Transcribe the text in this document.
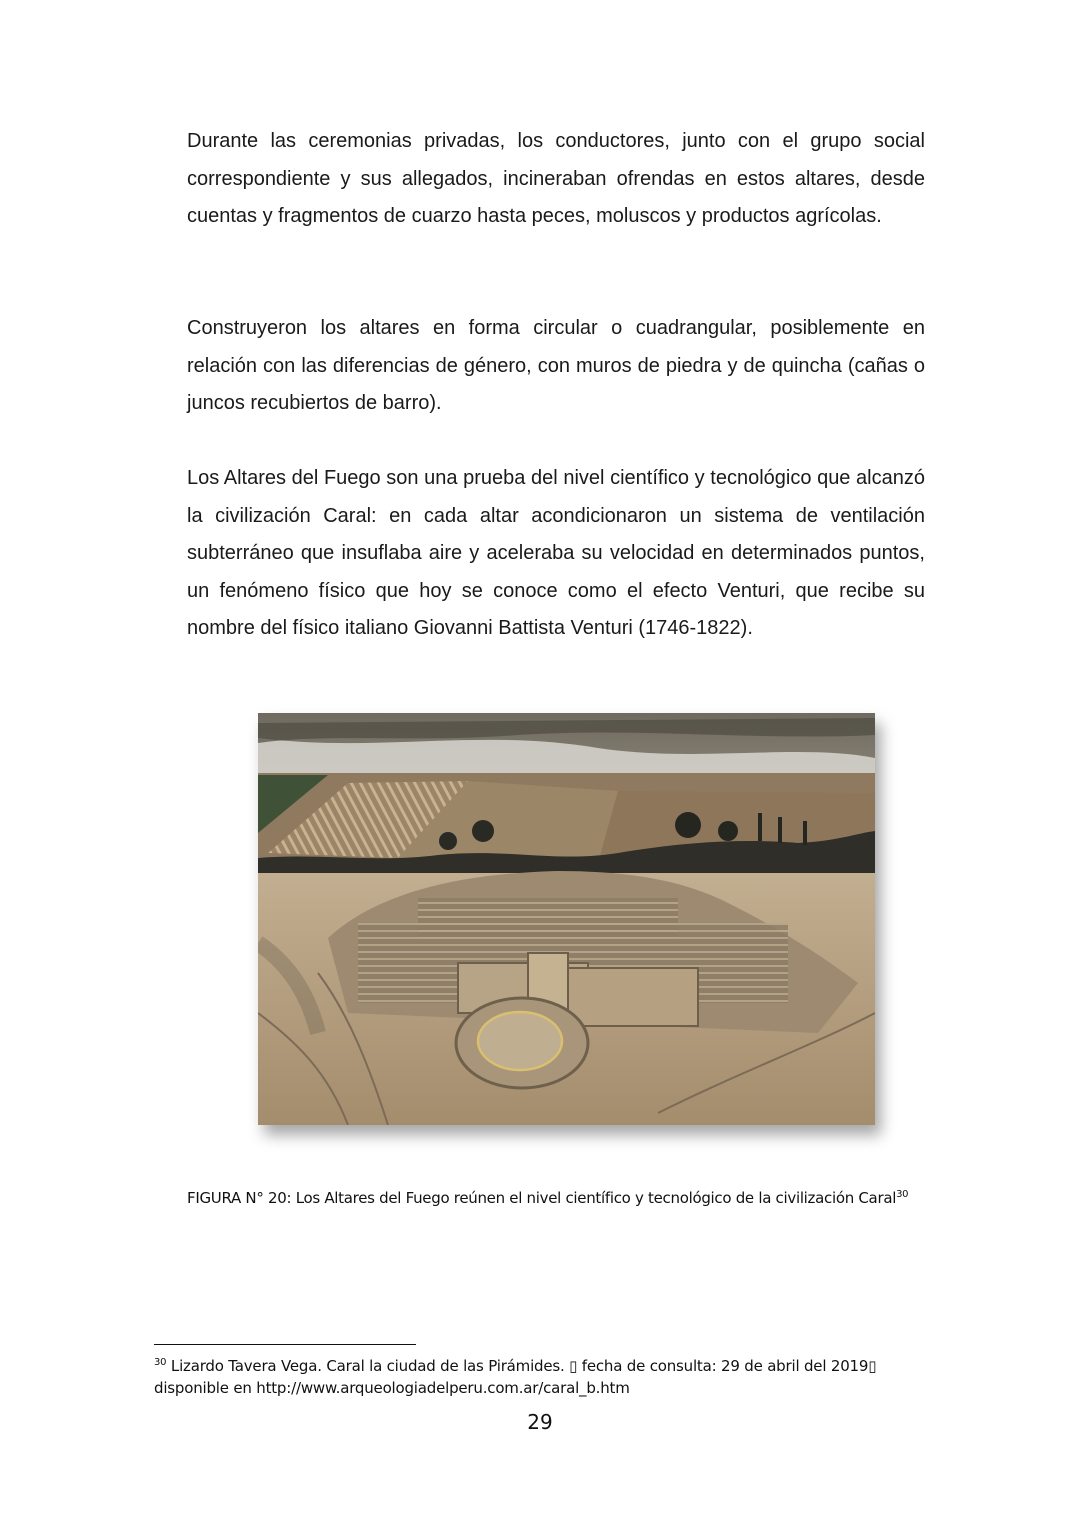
Durante las ceremonias privadas, los conductores, junto con el grupo social correspondiente y sus allegados, incineraban ofrendas en estos altares, desde cuentas y fragmentos de cuarzo hasta peces, moluscos y productos agrícolas.

Construyeron los altares en forma circular o cuadrangular, posiblemente en relación con las diferencias de género, con muros de piedra y de quincha (cañas o juncos recubiertos de barro).

Los Altares del Fuego son una prueba del nivel científico y tecnológico que alcanzó la civilización Caral: en cada altar acondicionaron un sistema de ventilación subterráneo que insuflaba aire y aceleraba su velocidad en determinados puntos, un fenómeno físico que hoy se conoce como el efecto Venturi, que recibe su nombre del físico italiano Giovanni Battista Venturi (1746-1822).

FIGURA N° 20: Los Altares del Fuego reúnen el nivel científico y tecnológico de la civilización Caral$^{30}$

$^{30}$ Lizardo Tavera Vega. Caral la ciudad de las Pirámides. ▯ fecha de consulta: 29 de abril del 2019▯ disponible en http://www.arqueologiadelperu.com.ar/caral_b.htm

29
